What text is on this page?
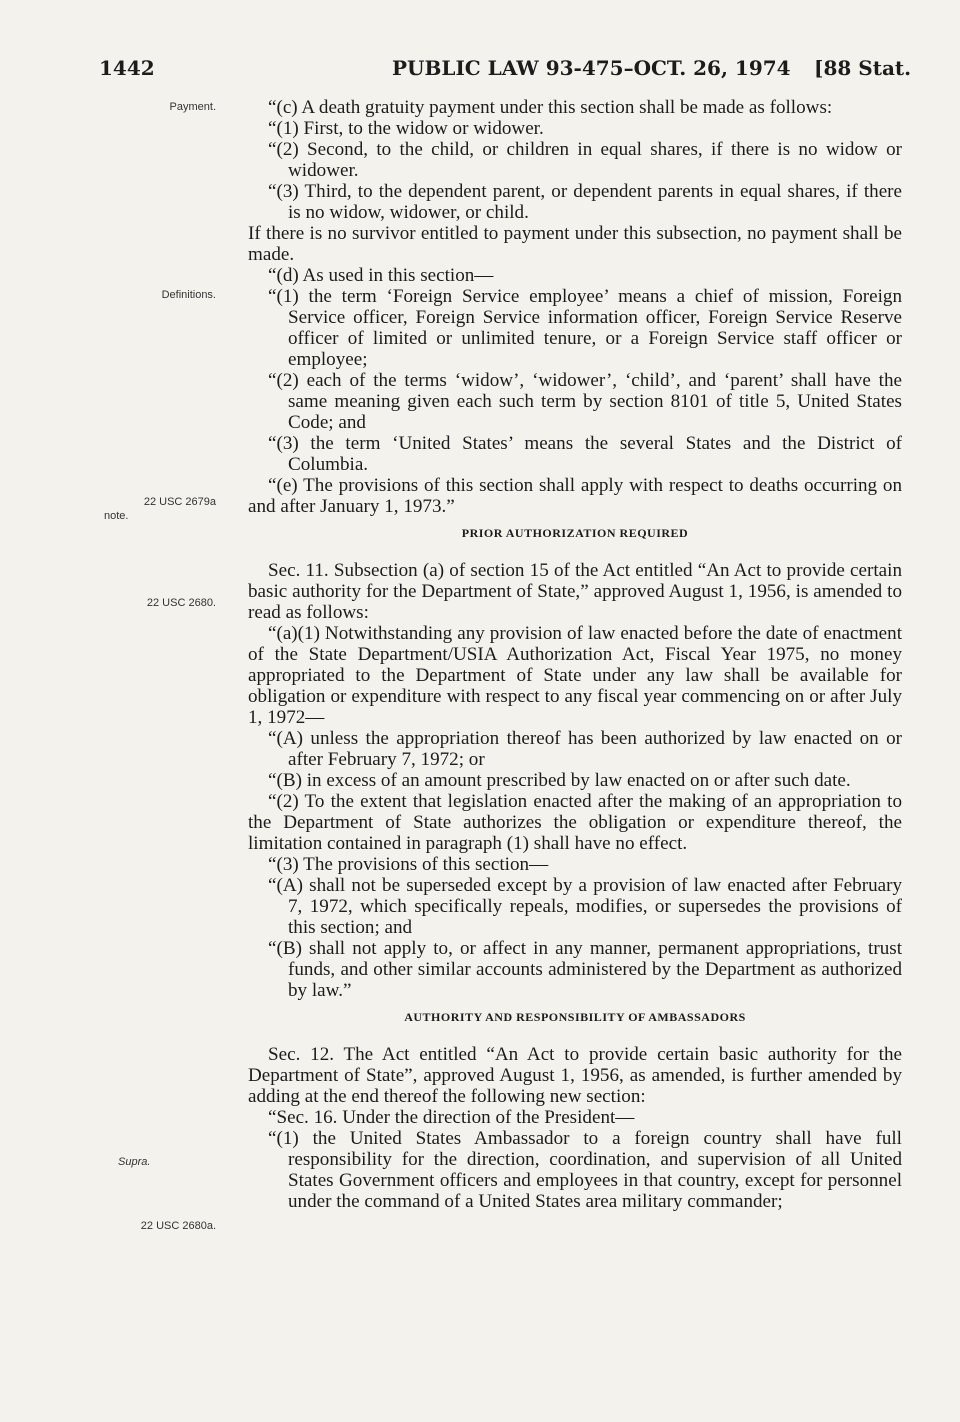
1442	PUBLIC LAW 93-475–OCT. 26, 1974 [88 Stat.
Payment.
Definitions.
22 USC 2679a
note.
22 USC 2680.
Supra.
22 USC 2680a.

“(c) A death gratuity payment under this section shall be made as follows:

“(1) First, to the widow or widower.

“(2) Second, to the child, or children in equal shares, if there is no widow or widower.

“(3) Third, to the dependent parent, or dependent parents in equal shares, if there is no widow, widower, or child.

If there is no survivor entitled to payment under this subsection, no payment shall be made.

“(d) As used in this section—

“(1) the term ‘Foreign Service employee’ means a chief of mission, Foreign Service officer, Foreign Service information officer, Foreign Service Reserve officer of limited or unlimited tenure, or a Foreign Service staff officer or employee;

“(2) each of the terms ‘widow’, ‘widower’, ‘child’, and ‘parent’ shall have the same meaning given each such term by section 8101 of title 5, United States Code; and

“(3) the term ‘United States’ means the several States and the District of Columbia.

“(e) The provisions of this section shall apply with respect to deaths occurring on and after January 1, 1973.”

PRIOR AUTHORIZATION REQUIRED

Sec. 11. Subsection (a) of section 15 of the Act entitled “An Act to provide certain basic authority for the Department of State,” approved August 1, 1956, is amended to read as follows:

“(a)(1) Notwithstanding any provision of law enacted before the date of enactment of the State Department/USIA Authorization Act, Fiscal Year 1975, no money appropriated to the Department of State under any law shall be available for obligation or expenditure with respect to any fiscal year commencing on or after July 1, 1972—

“(A) unless the appropriation thereof has been authorized by law enacted on or after February 7, 1972; or

“(B) in excess of an amount prescribed by law enacted on or after such date.

“(2) To the extent that legislation enacted after the making of an appropriation to the Department of State authorizes the obligation or expenditure thereof, the limitation contained in paragraph (1) shall have no effect.

“(3) The provisions of this section—

“(A) shall not be superseded except by a provision of law enacted after February 7, 1972, which specifically repeals, modifies, or supersedes the provisions of this section; and

“(B) shall not apply to, or affect in any manner, permanent appropriations, trust funds, and other similar accounts administered by the Department as authorized by law.”

AUTHORITY AND RESPONSIBILITY OF AMBASSADORS

Sec. 12. The Act entitled “An Act to provide certain basic authority for the Department of State”, approved August 1, 1956, as amended, is further amended by adding at the end thereof the following new section:

“Sec. 16. Under the direction of the President—

“(1) the United States Ambassador to a foreign country shall have full responsibility for the direction, coordination, and supervision of all United States Government officers and employees in that country, except for personnel under the command of a United States area military commander;
